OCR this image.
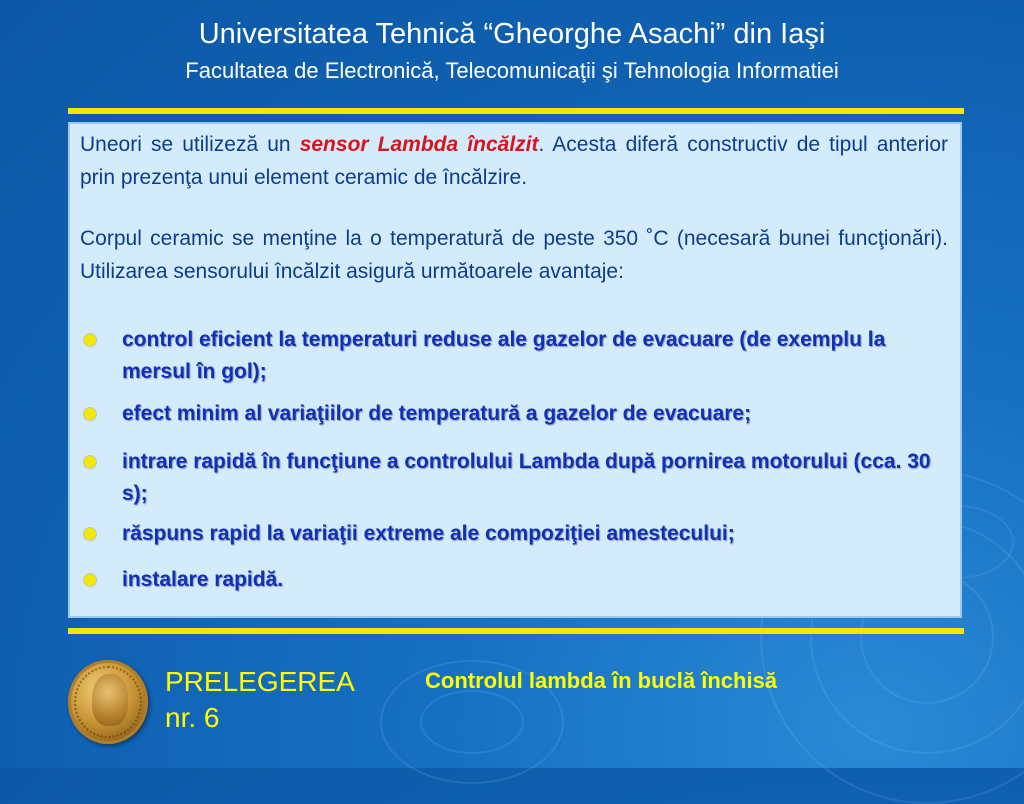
Universitatea Tehnică “Gheorghe Asachi” din Iaşi
Facultatea de Electronică, Telecomunicaţii şi Tehnologia Informatiei

Uneori se utilizeză un sensor Lambda încălzit. Acesta diferă constructiv de tipul anterior prin prezenţa unui element ceramic de încălzire.

Corpul ceramic se menţine la o temperatură de peste 350 ˚C (necesară bunei funcţionări). Utilizarea sensorului încălzit asigură următoarele avantaje:

control eficient la temperaturi reduse ale gazelor de evacuare (de exemplu la mersul în gol);
efect minim al variaţiilor de temperatură a gazelor de evacuare;
intrare rapidă în funcţiune a controlului Lambda după pornirea motorului (cca. 30 s);
răspuns rapid la variaţii extreme ale compoziţiei amestecului;
instalare rapidă.
PRELEGEREA
nr. 6
Controlul lambda în buclă închisă
